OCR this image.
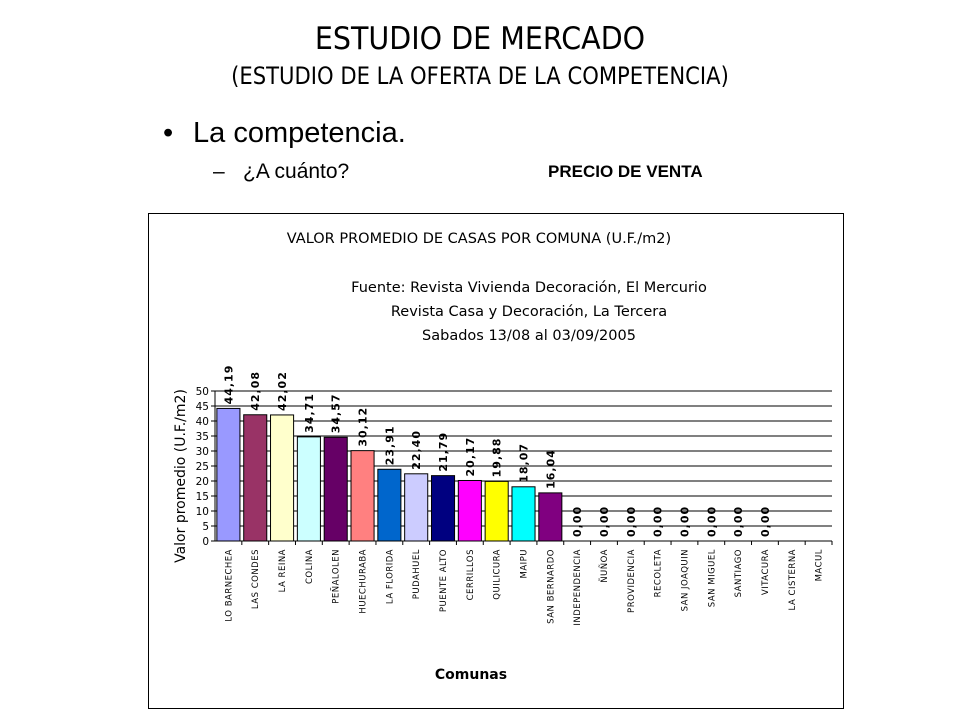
ESTUDIO DE MERCADO
(ESTUDIO DE LA OFERTA DE LA COMPETENCIA)
• La competencia.
– ¿A cuánto?	PRECIO DE VENTA
VALOR PROMEDIO DE CASAS POR COMUNA (U.F./m2)
Fuente: Revista Vivienda Decoración, El Mercurio
Revista Casa y Decoración, La Tercera
Sabados 13/08 al 03/09/2005
0
5
10
15
20
25
30
35
40
45
50
LO BARNECHEA LAS CONDES LA REINA COLINA PEÑALOLEN HUECHURABA LA FLORIDA PUDAHUEL PUENTE ALTO CERRILLOS QUILICURA MAIPU SAN BERNARDO INDEPENDENCIA ÑUÑOA PROVIDENCIA RECOLETA SAN JOAQUIN SAN MIGUEL SANTIAGO VITACURA LA CISTERNA MACUL
44,19 42,08 42,02
34,71 34,57 30,12 23,91 22,40 21,79 20,17 19,88 18,07 16,04
0,00 0,00 0,00 0,00 0,00 0,00 0,00 0,00
Comunas
Valor promedio (U.F./m2)
